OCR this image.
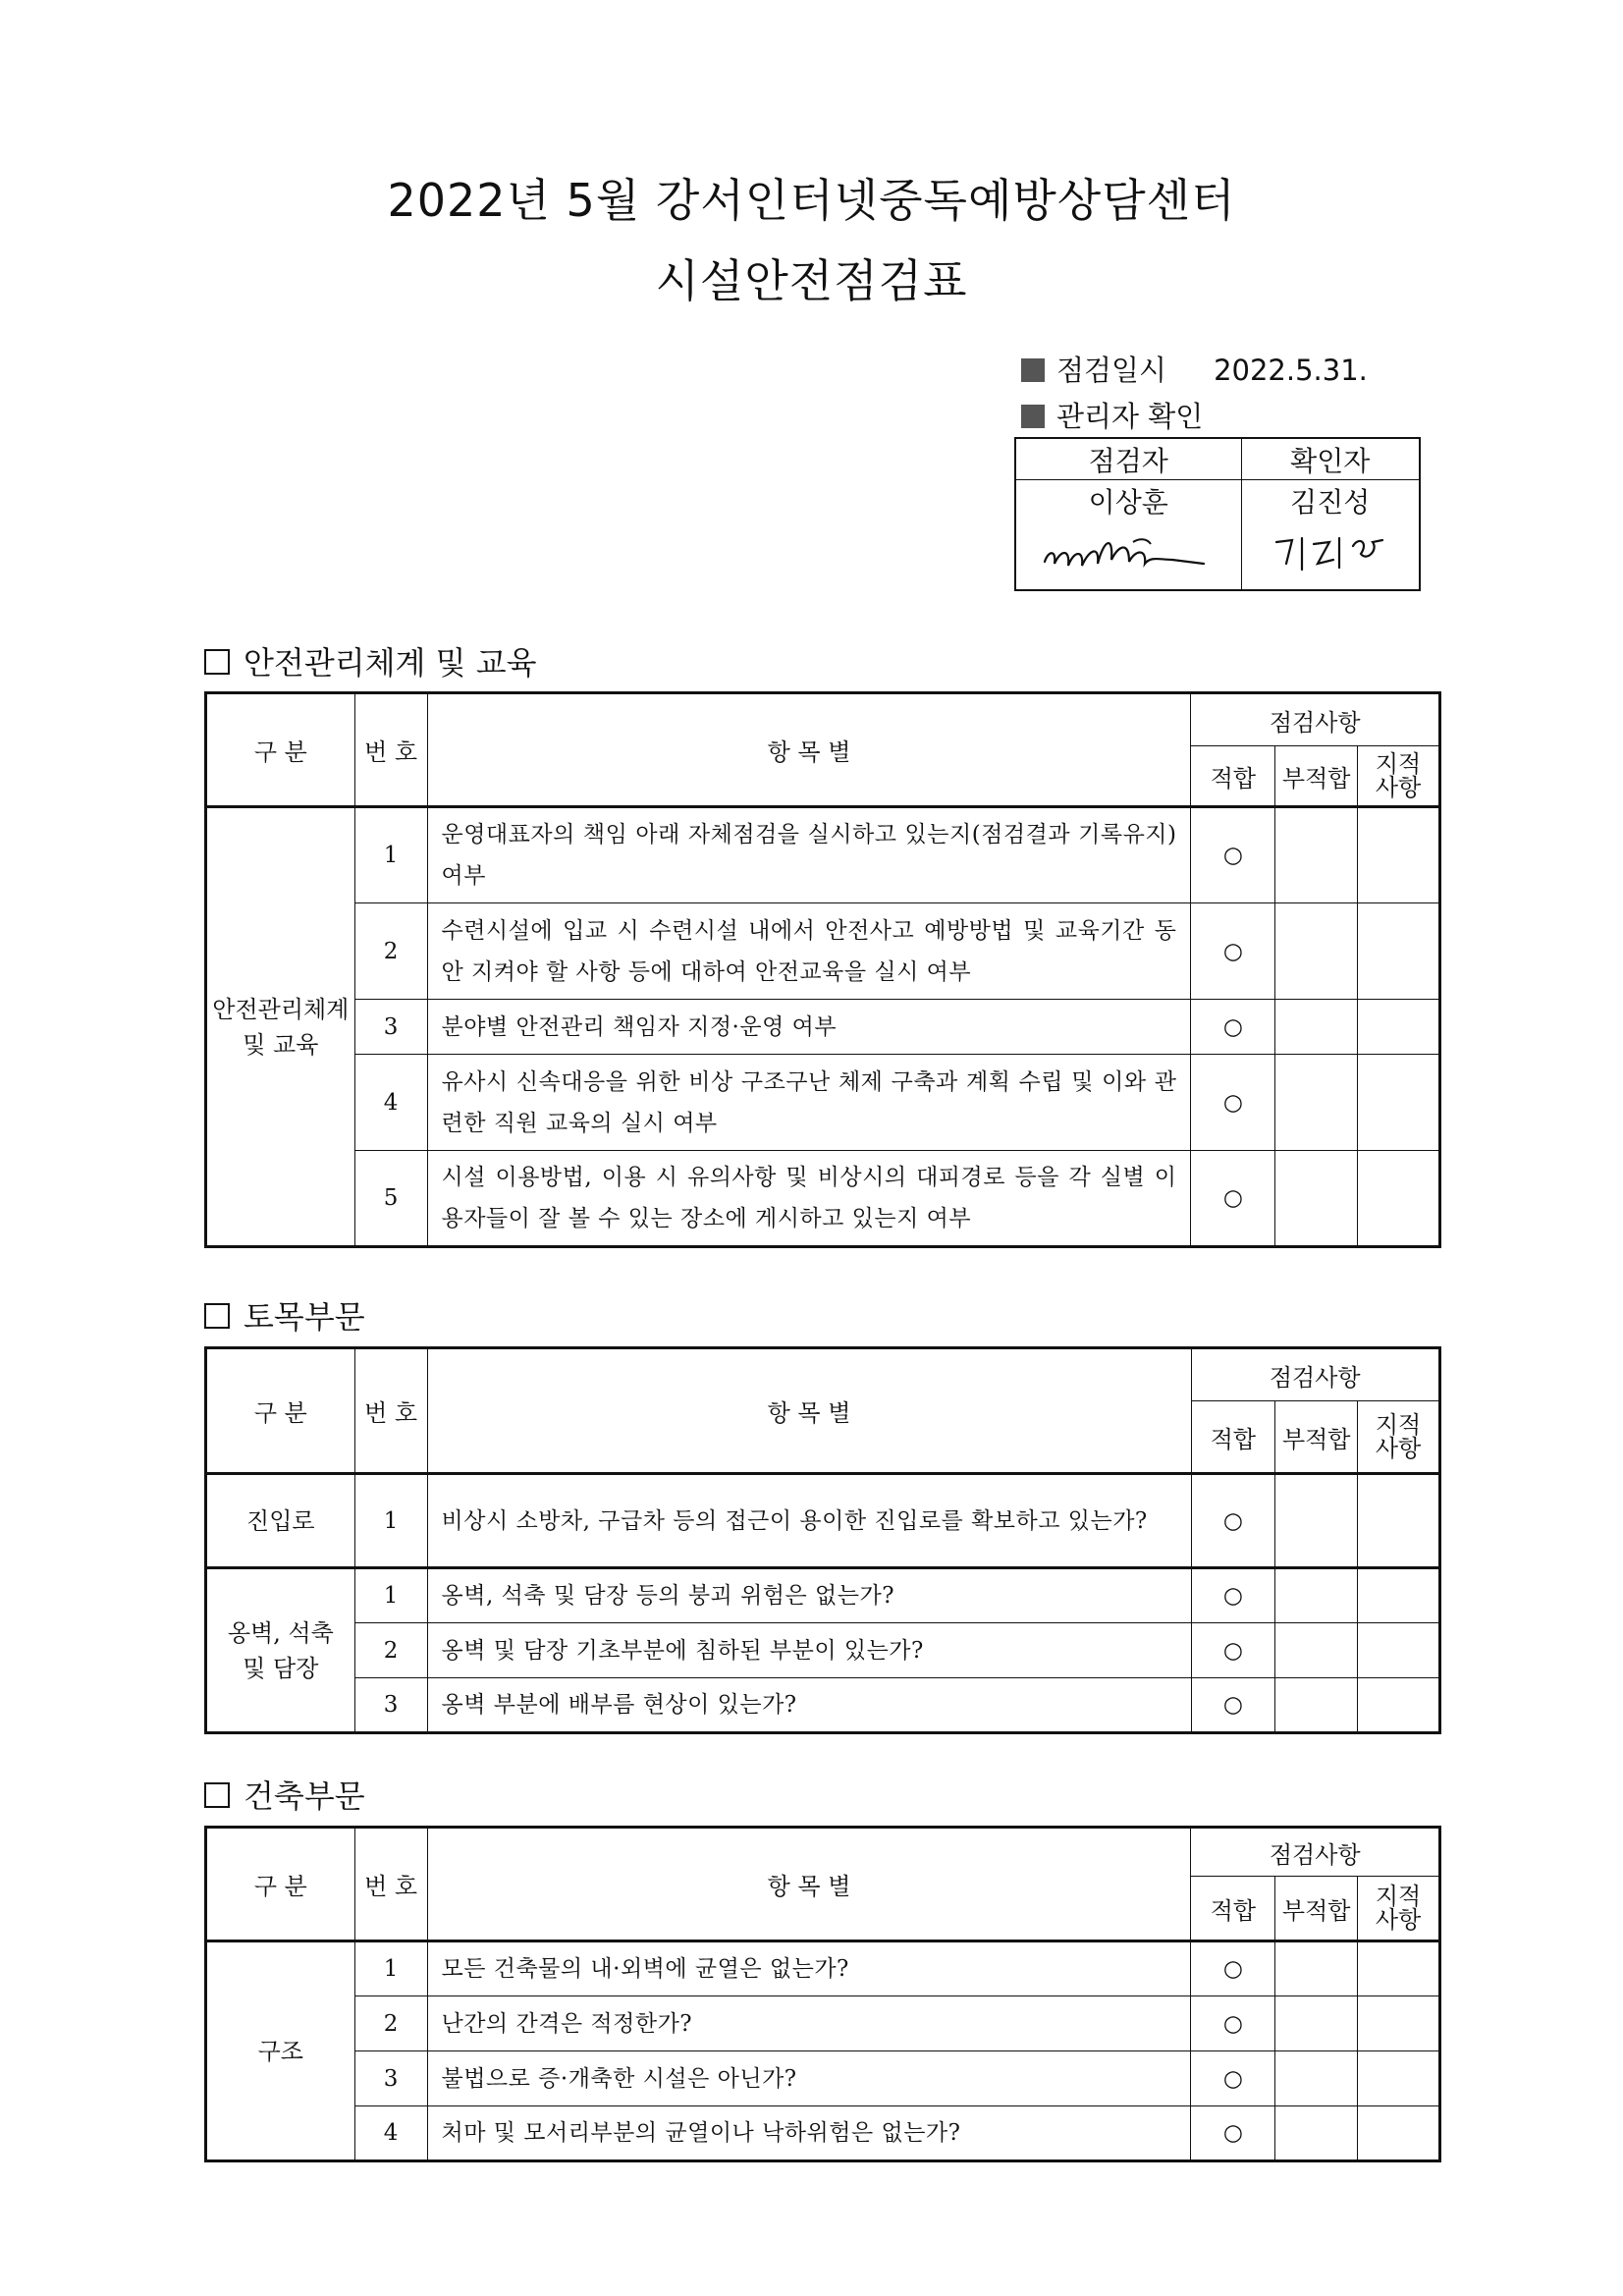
2022년 5월 강서인터넷중독예방상담센터
시설안전점검표
점검일시 2022.5.31.
관리자 확인
점검자	확인자
이상훈	김진성

안전관리체계 및 교육
구 분	번 호	항 목 별	점검사항		
			적합	부적합	지적
사항
안전관리체계
및 교육	1	운영대표자의 책임 아래 자체점검을 실시하고 있는지(점검결과 기록유지)여부	○		
	2	수련시설에 입교 시 수련시설 내에서 안전사고 예방방법 및 교육기간 동안 지켜야 할 사항 등에 대하여 안전교육을 실시 여부	○		
	3	분야별 안전관리 책임자 지정·운영 여부	○		
	4	유사시 신속대응을 위한 비상 구조구난 체제 구축과 계획 수립 및 이와 관련한 직원 교육의 실시 여부	○		
	5	시설 이용방법, 이용 시 유의사항 및 비상시의 대피경로 등을 각 실별 이용자들이 잘 볼 수 있는 장소에 게시하고 있는지 여부	○		
토목부문
구 분	번 호	항 목 별	점검사항		
			적합	부적합	지적
사항
진입로	1	비상시 소방차, 구급차 등의 접근이 용이한 진입로를 확보하고 있는가?	○		
옹벽, 석축
및 담장	1	옹벽, 석축 및 담장 등의 붕괴 위험은 없는가?	○		
	2	옹벽 및 담장 기초부분에 침하된 부분이 있는가?	○		
	3	옹벽 부분에 배부름 현상이 있는가?	○		
건축부문
구 분	번 호	항 목 별	점검사항		
			적합	부적합	지적
사항
구조	1	모든 건축물의 내·외벽에 균열은 없는가?	○		
	2	난간의 간격은 적정한가?	○		
	3	불법으로 증·개축한 시설은 아닌가?	○		
	4	처마 및 모서리부분의 균열이나 낙하위험은 없는가?	○		
